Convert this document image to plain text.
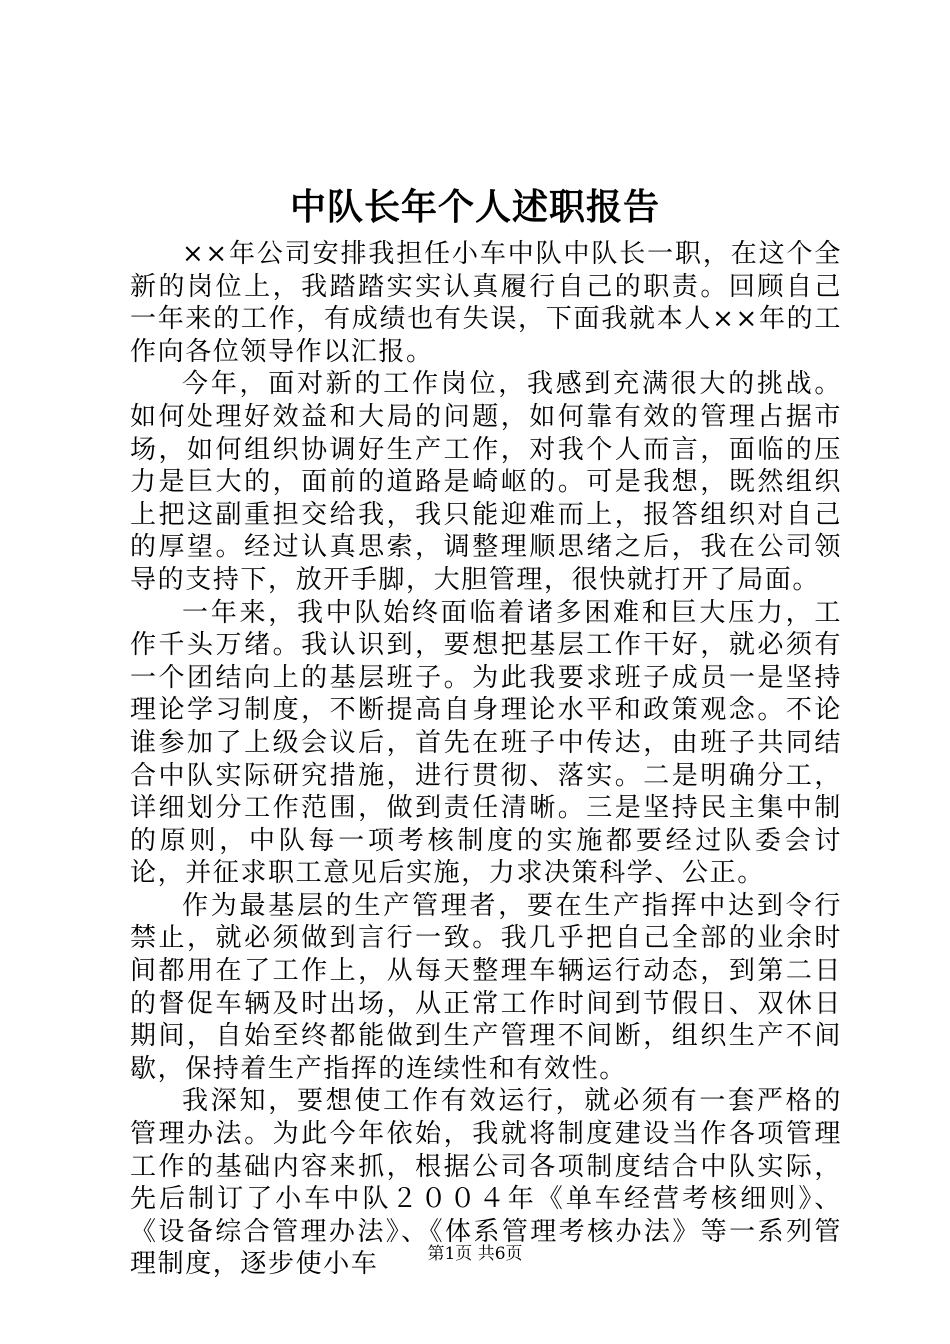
中队长年个人述职报告

××年公司安排我担任小车中队中队长一职，在这个全新的岗位上，我踏踏实实认真履行自己的职责。回顾自己一年来的工作，有成绩也有失误，下面我就本人××年的工作向各位领导作以汇报。

今年，面对新的工作岗位，我感到充满很大的挑战。如何处理好效益和大局的问题，如何靠有效的管理占据市场，如何组织协调好生产工作，对我个人而言，面临的压力是巨大的，面前的道路是崎岖的。可是我想，既然组织上把这副重担交给我，我只能迎难而上，报答组织对自己的厚望。经过认真思索，调整理顺思绪之后，我在公司领导的支持下，放开手脚，大胆管理，很快就打开了局面。

一年来，我中队始终面临着诸多困难和巨大压力，工作千头万绪。我认识到，要想把基层工作干好，就必须有一个团结向上的基层班子。为此我要求班子成员一是坚持理论学习制度，不断提高自身理论水平和政策观念。不论谁参加了上级会议后，首先在班子中传达，由班子共同结合中队实际研究措施，进行贯彻、落实。二是明确分工，详细划分工作范围，做到责任清晰。三是坚持民主集中制的原则，中队每一项考核制度的实施都要经过队委会讨论，并征求职工意见后实施，力求决策科学、公正。

作为最基层的生产管理者，要在生产指挥中达到令行禁止，就必须做到言行一致。我几乎把自己全部的业余时间都用在了工作上，从每天整理车辆运行动态，到第二日的督促车辆及时出场，从正常工作时间到节假日、双休日期间，自始至终都能做到生产管理不间断，组织生产不间歇，保持着生产指挥的连续性和有效性。

我深知，要想使工作有效运行，就必须有一套严格的管理办法。为此今年依始，我就将制度建设当作各项管理工作的基础内容来抓，根据公司各项制度结合中队实际，先后制订了小车中队２００４年《单车经营考核细则》、《设备综合管理办法》、《体系管理考核办法》等一系列管理制度，逐步使小车	第1页 共6页
